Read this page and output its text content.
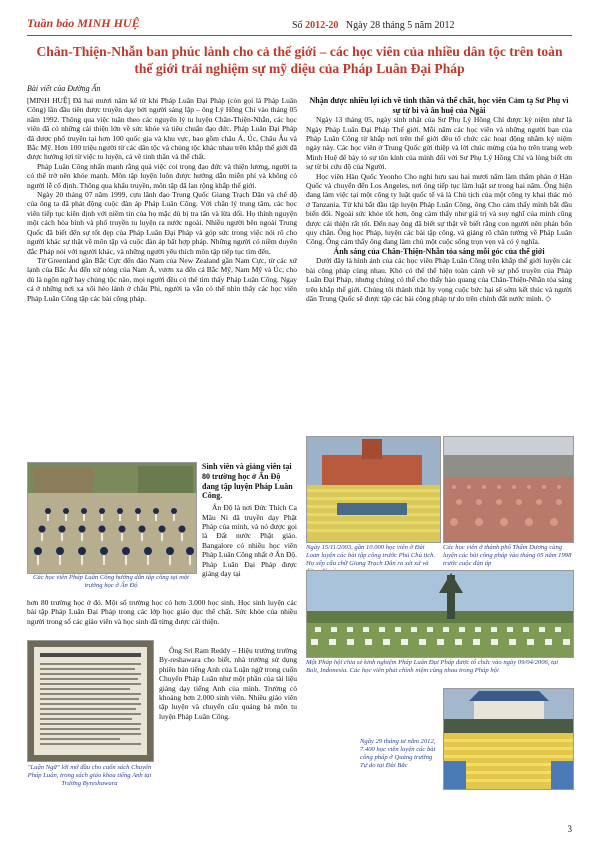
Tuần báo MINH HUỆ	Số 2012-20 Ngày 28 tháng 5 năm 2012
Chân-Thiện-Nhẫn ban phúc lành cho cả thế giới – các học viên của nhiều dân tộc trên toàn thế giới trải nghiệm sự mỹ diệu của Pháp Luân Đại Pháp
Bài viết của Đường Ấn

[MINH HUỆ] Đã hai mươi năm kể từ khi Pháp Luân Đại Pháp (còn gọi là Pháp Luân Công) lần đầu tiên được truyền dạy bởi người sáng lập – ông Lý Hồng Chí vào tháng 05 năm 1992. Thông qua việc tuân theo các nguyên lý tu luyện Chân-Thiện-Nhẫn, các học viên đã có những cải thiện lớn về sức khỏe và tiêu chuẩn đạo đức. Pháp Luân Đại Pháp đã được phổ truyền tại hơn 100 quốc gia và khu vực, bao gồm châu Á, Úc, Châu Âu và Bắc Mỹ. Hơn 100 triệu người từ các dân tộc và chủng tộc khác nhau trên khắp thế giới đã được hướng lợi từ việc tu luyện, cả về tinh thần và thể chất.

Pháp Luân Công nhấn mạnh rằng quá việc coi trọng đạo đức và thiện lương, người ta có thể trở nên khỏe mạnh. Môn tập luyện luôn được hướng dẫn miễn phí và không có người lễ cố định. Thông qua khẩu truyền, môn tập đã lan rộng khắp thế giới.

Ngày 20 tháng 07 năm 1999, cựu lãnh đạo Trung Quốc Giang Trạch Dân và chế độ của ông ta đã phát động cuộc đàn áp Pháp Luân Công. Với chân lý trung tâm, các học viên tiếp tục kiên định với niềm tin của họ mặc dù bị tra tấn và lừa dối. Họ thỉnh nguyện một cách hòa bình và phổ truyền tu luyện ra nước ngoài. Nhiều người bên ngoài Trung Quốc đã biết đến sự tốt đẹp của Pháp Luân Đại Pháp và góp sức trong việc nói rõ cho người khác sự thật về môn tập và cuộc đàn áp bất hợp pháp. Những người có niềm duyên đắc Pháp nói với người khác, và những người yêu thích môn tập tiếp tục tìm đến.

Từ Greenland gần Bắc Cực đến đảo Nam của New Zealand gần Nam Cực, từ các xứ lạnh của Bắc Âu đến xứ nóng của Nam Á, vươn xa đến cả Bắc Mỹ, Nam Mỹ và Úc, cho dù là ngôn ngữ hay chủng tộc nào, mọi người đều có thể tìm thấy Pháp Luân Công. Ngay cả ở những nơi xa xôi hẻo lánh ở châu Phi, người ta vẫn có thể nhìn thấy các học viên Pháp Luân Công tập các bài công pháp.

Các học viên Pháp Luân Công hướng dẫn tập công tại một trường học ở Ấn Độ
Sinh viên và giảng viên tại 80 trường học ở Ấn Độ đang tập luyện Pháp Luân Công.

Ấn Độ là nơi Đức Thích Ca Mâu Ni đã truyền dạy Phật Pháp của mình, và nó được gọi là Đất nước Phật giáo. Bangalore có nhiều học viên Pháp Luân Công nhất ở Ấn Độ. Pháp Luân Đại Pháp được giảng dạy tại

hơn 80 trường học ở đó. Một số trường học có hơn 3.000 học sinh. Học sinh luyện các bài tập Pháp Luân Đại Pháp trong các lớp học giáo dục thể chất. Sức khỏe của nhiều người trong số các giáo viên và học sinh đã từng được cải thiện.

"Luận Ngữ" lời mở đầu cho cuốn sách Chuyển Pháp Luân, trong sách giáo khoa tiếng Anh tại Trường Byreshawara

Ông Sri Ram Reddy – Hiệu trưởng trường By-reshawara cho biết, nhà trường sử dụng phiên bản tiếng Anh của Luận ngữ trong cuốn Chuyển Pháp Luân như một phần của tài liệu giảng dạy tiếng Anh của mình. Trường có khoảng hơn 2.000 sinh viên. Nhiều giáo viên tập luyện và chuyển cấu quảng bá môn tu luyện Pháp Luân Công.

Nhận được nhiều lợi ích về tinh thần và thể chất, học viên Cảm tạ Sư Phụ vì sự từ bi và ân huệ của Ngài

Ngày 13 tháng 05, ngày sinh nhật của Sư Phụ Lý Hồng Chí được kỷ niệm như là Ngày Pháp Luân Đại Pháp Thế giới. Mỗi năm các học viên và những người bạn của Pháp Luân Công từ khắp nơi trên thế giới đều tổ chức các hoạt động nhằm kỷ niệm ngày này. Các học viên ở Trung Quốc gửi thiệp và lời chúc mừng của họ trên trang web Minh Huệ để bày tỏ sự tôn kính của mình đối với Sư Phụ Lý Hồng Chí và lòng biết ơn sự từ bi cứu độ của Người.

Học viên Hàn Quốc Yeonho Cho nghỉ hưu sau hai mươi năm làm thẩm phán ở Hàn Quốc và chuyển đến Los Angeles, nơi ông tiếp tục làm luật sư trong hai năm. Ông hiện đang làm việc tại một công ty luật quốc tế và là Chủ tịch của một công ty khai thác mỏ ở Tanzania. Từ khi bắt đầu tập luyện Pháp Luân Công, ông Cho cảm thấy mình bắt đầu biến đổi. Ngoài sức khỏe tốt hơn, ông cảm thấy như giá trị và suy nghĩ của mình cũng được cải thiện rất tốt. Đến nay ông đã biết sự thật về biết rằng con người nên phản bổn quy chân. Ông học Pháp, luyện các bài tập công, và giảng rõ chân tướng về Pháp Luân Công. Ông cảm thấy ông đang làm chủ một cuộc sống trọn vẹn và có ý nghĩa.

Ánh sáng của Chân-Thiện-Nhẫn tỏa sáng mỗi góc của thế giới

Dưới đây là hình ảnh của các học viên Pháp Luân Công trên khắp thế giới luyện các bài công pháp cùng nhau. Khó có thể thể hiện toàn cảnh về sự phổ truyền của Pháp Luân Đại Pháp, nhưng chúng có thể cho thấy hào quang của Chân-Thiện-Nhẫn tỏa sáng trên khắp thế giới. Chúng tôi thành thật hy vọng cuộc bức hại sẽ sớm kết thúc và người dân Trung Quốc sẽ được tập các bài công pháp tự do trên chính đất nước mình. ◇

Ngày 15/11/2003, gần 10.000 học viên ở Đài Loan luyện các bài tập công trước Phủ Chủ tịch. Họ xếp cấu chữ Giang Trạch Dân ra xét xử và
Các học viên ở thành phố Thẩm Dương cùng luyện các bài công pháp vào tháng 05 năm 1998 trước cuộc đàn áp
Một Pháp hội chia sẻ kinh nghiệm Pháp Luân Đại Pháp được tổ chức vào ngày 09/04/2006, tại Bali, Indonesia. Các học viên phát chính niệm cùng nhau trong Pháp hội
Ngày 29 tháng tư năm 2012, 7.400 học viên luyện các bài công pháp ở Quảng trường Tự do tại Đài Bắc
3
